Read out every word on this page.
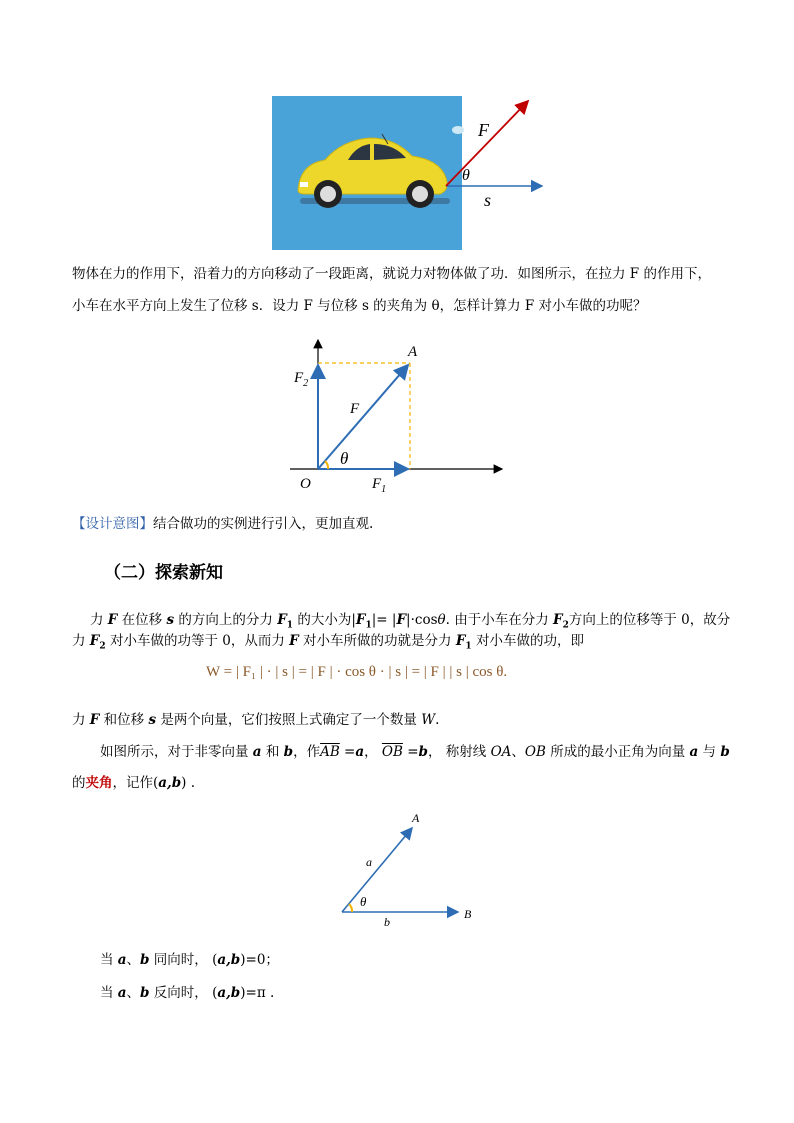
F
θ
s
物体在力的作用下，沿着力的方向移动了一段距离，就说力对物体做了功．如图所示，在拉力 F 的作用下，
小车在水平方向上发生了位移 s．设力 F 与位移 s 的夹角为 θ，怎样计算力 F 对小车做的功呢？
A
$F_2$
F
θ
O	$F_1$
【设计意图】结合做功的实例进行引入，更加直观.
（二）探索新知
力 F 在位移 s 的方向上的分力 $F_1$ 的大小为$|F_1|= |F|\cdot\cos\theta$. 由于小车在分力 $F_2$方向上的位移等于 0，故分
力 $F_2$ 对小车做的功等于 0，从而力 F 对小车所做的功就是分力 $F_1$ 对小车做的功，即
W = | F₁ | · | s | = | F | · cos θ · | s | = | F | | s | cos θ.
力 F 和位移 s 是两个向量，它们按照上式确定了一个数量 W.
如图所示，对于非零向量 a 和 b，作$\overline{AB} =a$， $\overline{OB} =b$， 称射线 OA、OB 所成的最小正角为向量 a 与 b
的夹角，记作(a,b) .
A
a
θ
b
B
当 a、b 同向时， (a,b)=0；
当 a、b 反向时， (a,b)=π .
